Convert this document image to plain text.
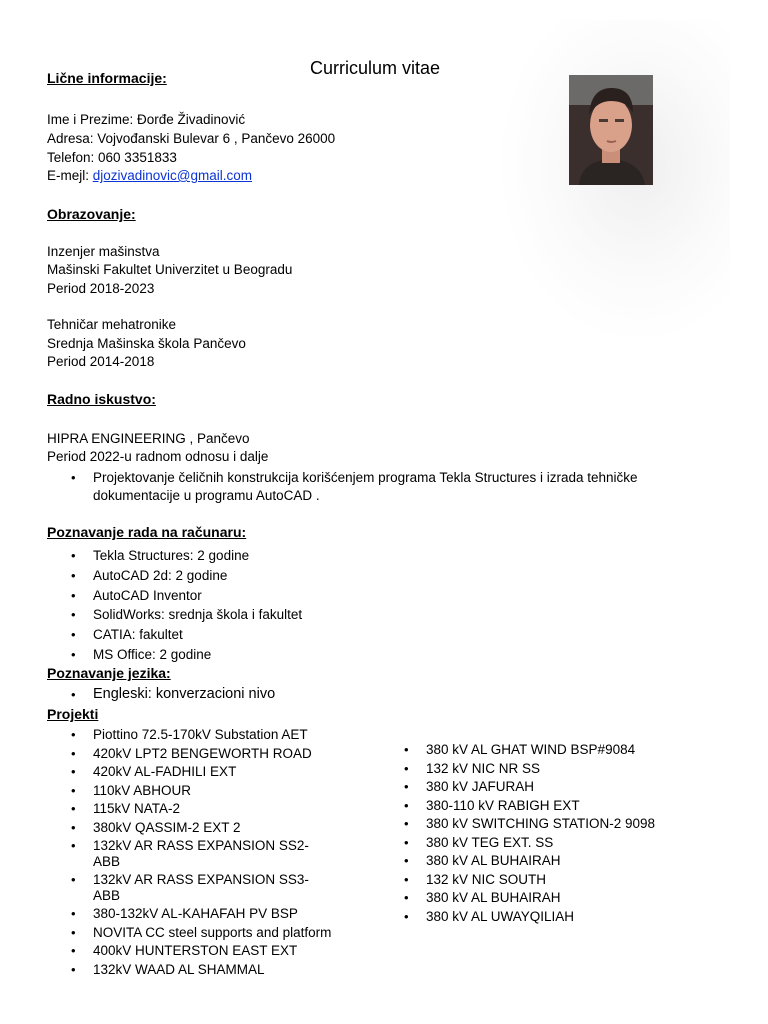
Curriculum vitae
Lične informacije:
Ime i Prezime: Đorđe Živadinović
Adresa: Vojvođanski Bulevar 6 , Pančevo 26000
Telefon: 060 3351833
E-mejl: djozivadinovic@gmail.com
Obrazovanje:
Inzenjer mašinstva
Mašinski Fakultet Univerzitet u Beogradu
Period 2018-2023
Tehničar mehatronike
Srednja Mašinska škola Pančevo
Period 2014-2018
Radno iskustvo:
HIPRA ENGINEERING , Pančevo
Period 2022-u radnom odnosu i dalje
• Projektovanje čeličnih konstrukcija korišćenjem programa Tekla Structures i izrada tehničke dokumentacije u programu AutoCAD .
Poznavanje rada na računaru:
• Tekla Structures: 2 godine
• AutoCAD 2d: 2 godine
• AutoCAD Inventor
• SolidWorks: srednja škola i fakultet
• CATIA: fakultet
• MS Office: 2 godine
Poznavanje jezika:
• Engleski: konverzacioni nivo
Projekti
• Piottino 72.5-170kV Substation AET
• 420kV LPT2 BENGEWORTH ROAD
• 420kV AL-FADHILI EXT
• 110kV ABHOUR
• 115kV NATA-2
• 380kV QASSIM-2 EXT 2
• 132kV AR RASS EXPANSION SS2-ABB
• 132kV AR RASS EXPANSION SS3-ABB
• 380-132kV AL-KAHAFAH PV BSP
• NOVITA CC steel supports and platform
• 400kV HUNTERSTON EAST EXT
• 132kV WAAD AL SHAMMAL
• 380 kV AL GHAT WIND BSP#9084
• 132 kV NIC NR SS
• 380 kV JAFURAH
• 380-110 kV RABIGH EXT
• 380 kV SWITCHING STATION-2 9098
• 380 kV TEG EXT. SS
• 380 kV AL BUHAIRAH
• 132 kV NIC SOUTH
• 380 kV AL BUHAIRAH
• 380 kV AL UWAYQILIAH
